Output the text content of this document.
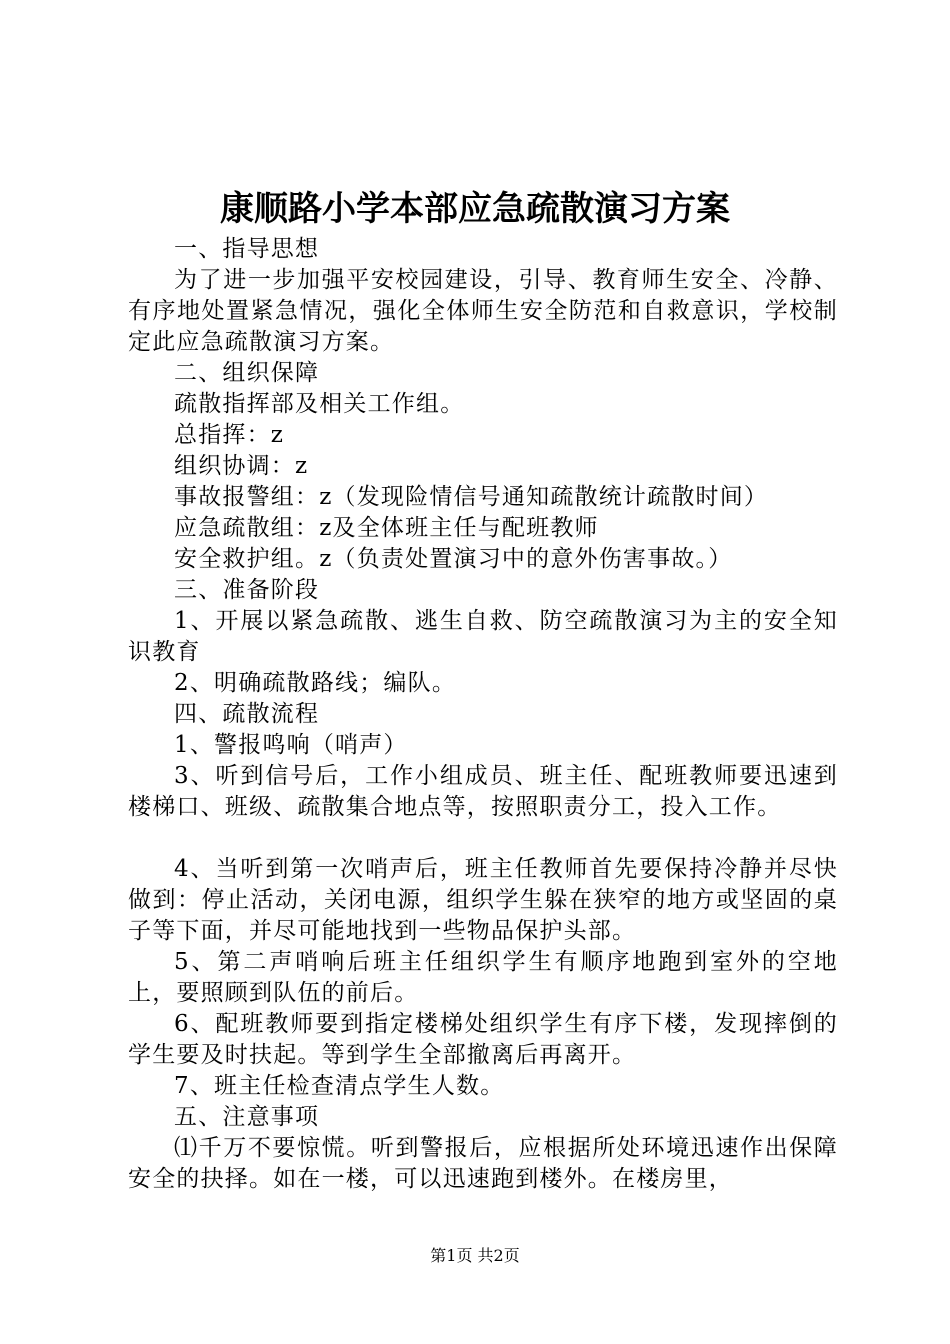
康顺路小学本部应急疏散演习方案

一、指导思想

为了进一步加强平安校园建设，引导、教育师生安全、冷静、有序地处置紧急情况，强化全体师生安全防范和自救意识，学校制定此应急疏散演习方案。

二、组织保障

疏散指挥部及相关工作组。

总指挥：z

组织协调：z

事故报警组：z（发现险情信号通知疏散统计疏散时间）

应急疏散组：z及全体班主任与配班教师

安全救护组。z（负责处置演习中的意外伤害事故。）

三、准备阶段

1、开展以紧急疏散、逃生自救、防空疏散演习为主的安全知识教育

2、明确疏散路线；编队。

四、疏散流程

1、警报鸣响（哨声）

3、听到信号后，工作小组成员、班主任、配班教师要迅速到楼梯口、班级、疏散集合地点等，按照职责分工，投入工作。

4、当听到第一次哨声后，班主任教师首先要保持冷静并尽快做到：停止活动，关闭电源，组织学生躲在狭窄的地方或坚固的桌子等下面，并尽可能地找到一些物品保护头部。

5、第二声哨响后班主任组织学生有顺序地跑到室外的空地上，要照顾到队伍的前后。

6、配班教师要到指定楼梯处组织学生有序下楼，发现摔倒的学生要及时扶起。等到学生全部撤离后再离开。

7、班主任检查清点学生人数。

五、注意事项

⑴千万不要惊慌。听到警报后，应根据所处环境迅速作出保障安全的抉择。如在一楼，可以迅速跑到楼外。在楼房里，

第1页 共2页
